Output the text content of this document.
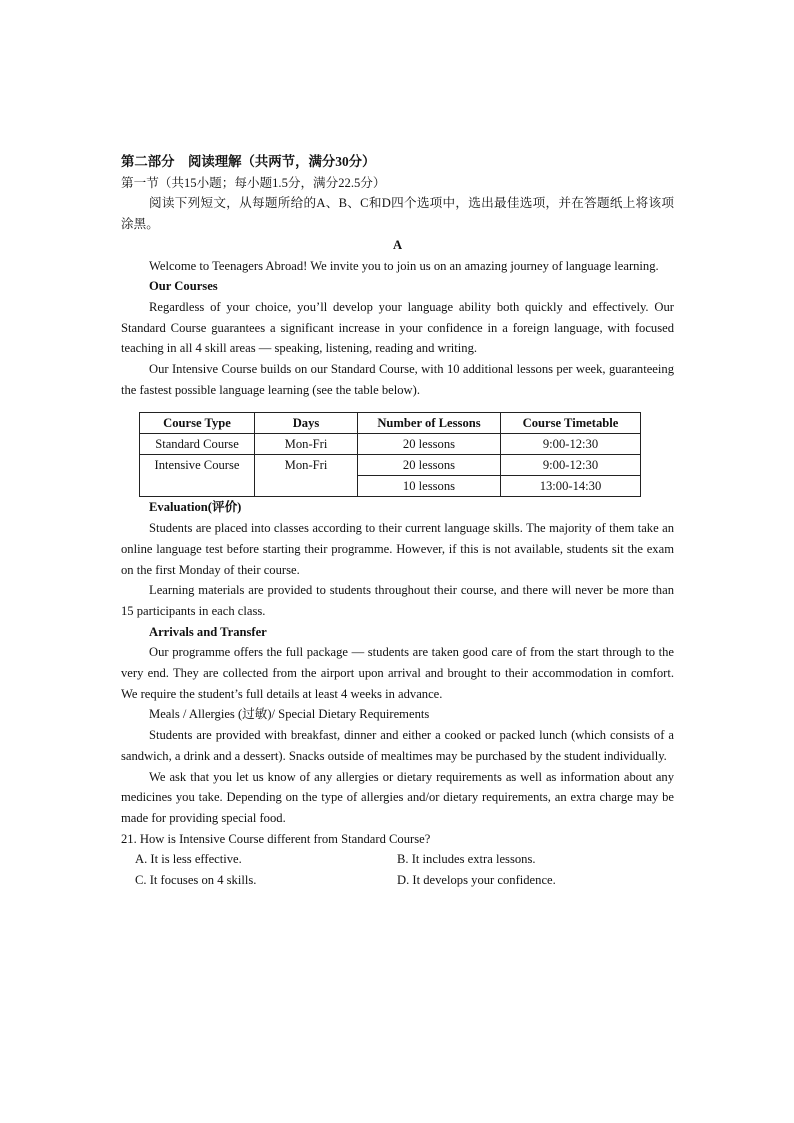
第二部分　阅读理解（共两节，满分30分）

第一节（共15小题；每小题1.5分，满分22.5分）

阅读下列短文，从每题所给的A、B、C和D四个选项中，选出最佳选项，并在答题纸上将该项涂黑。

A

Welcome to Teenagers Abroad! We invite you to join us on an amazing journey of language learning.

Our Courses

Regardless of your choice, you’ll develop your language ability both quickly and effectively. Our Standard Course guarantees a significant increase in your confidence in a foreign language, with focused teaching in all 4 skill areas — speaking, listening, reading and writing.

Our Intensive Course builds on our Standard Course, with 10 additional lessons per week, guaranteeing the fastest possible language learning (see the table below).

Course Type	Days	Number of Lessons	Course Timetable
Standard Course	Mon-Fri	20 lessons	9:00-12:30
Intensive Course	Mon-Fri	20 lessons	9:00-12:30
		10 lessons	13:00-14:30

Evaluation(评价)

Students are placed into classes according to their current language skills. The majority of them take an online language test before starting their programme. However, if this is not available, students sit the exam on the first Monday of their course.

Learning materials are provided to students throughout their course, and there will never be more than 15 participants in each class.

Arrivals and Transfer

Our programme offers the full package — students are taken good care of from the start through to the very end. They are collected from the airport upon arrival and brought to their accommodation in comfort. We require the student’s full details at least 4 weeks in advance.

Meals / Allergies (过敏)/ Special Dietary Requirements

Students are provided with breakfast, dinner and either a cooked or packed lunch (which consists of a sandwich, a drink and a dessert). Snacks outside of mealtimes may be purchased by the student individually.

We ask that you let us know of any allergies or dietary requirements as well as information about any medicines you take. Depending on the type of allergies and/or dietary requirements, an extra charge may be made for providing special food.

21. How is Intensive Course different from Standard Course?

A. It is less effective.	B. It includes extra lessons.
C. It focuses on 4 skills.	D. It develops your confidence.
